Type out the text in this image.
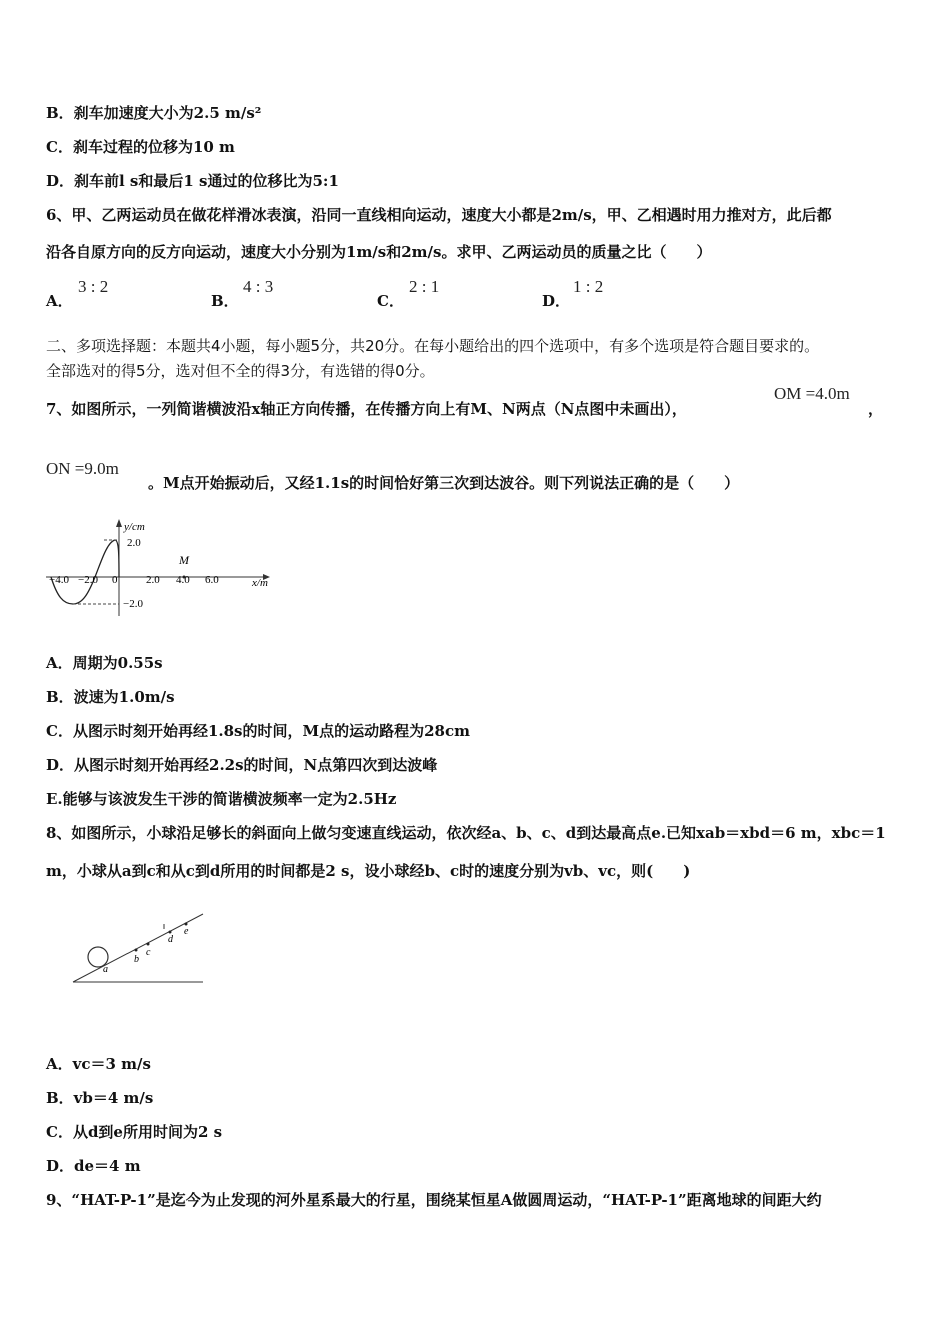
B．刹车加速度大小为2.5 m/s²
C．刹车过程的位移为10 m
D．刹车前l s和最后1 s通过的位移比为5:1
6、甲、乙两运动员在做花样滑冰表演，沿同一直线相向运动，速度大小都是2m/s，甲、乙相遇时用力推对方，此后都
沿各自原方向的反方向运动，速度大小分别为1m/s和2m/s。求甲、乙两运动员的质量之比（　　）
A．
3 : 2
B．
4 : 3
C．
2 : 1
D．
1 : 2
二、多项选择题：本题共4小题，每小题5分，共20分。在每小题给出的四个选项中，有多个选项是符合题目要求的。
全部选对的得5分，选对但不全的得3分，有选错的得0分。
7、如图所示，一列简谐横波沿x轴正方向传播，在传播方向上有M、N两点（N点图中未画出），
OM =4.0m
，
ON =9.0m
。M点开始振动后，又经1.1s的时间恰好第三次到达波谷。则下列说法正确的是（　　）
y/cm
2.0
−2.0
M
x/m
0
−4.0 −2.0	2.0 4.0 6.0
A．周期为0.55s
B．波速为1.0m/s
C．从图示时刻开始再经1.8s的时间，M点的运动路程为28cm
D．从图示时刻开始再经2.2s的时间，N点第四次到达波峰
E.能够与该波发生干涉的简谐横波频率一定为2.5Hz
8、如图所示，小球沿足够长的斜面向上做匀变速直线运动，依次经a、b、c、d到达最高点e.已知xab＝xbd＝6 m，xbc＝1
m，小球从a到c和从c到d所用的时间都是2 s，设小球经b、c时的速度分别为vb、vc，则(　　)
a
b
c
d
e
A．vc＝3 m/s
B．vb＝4 m/s
C．从d到e所用时间为2 s
D．de＝4 m
9、“HAT-P-1”是迄今为止发现的河外星系最大的行星，围绕某恒星A做圆周运动，“HAT-P-1”距离地球的间距大约
